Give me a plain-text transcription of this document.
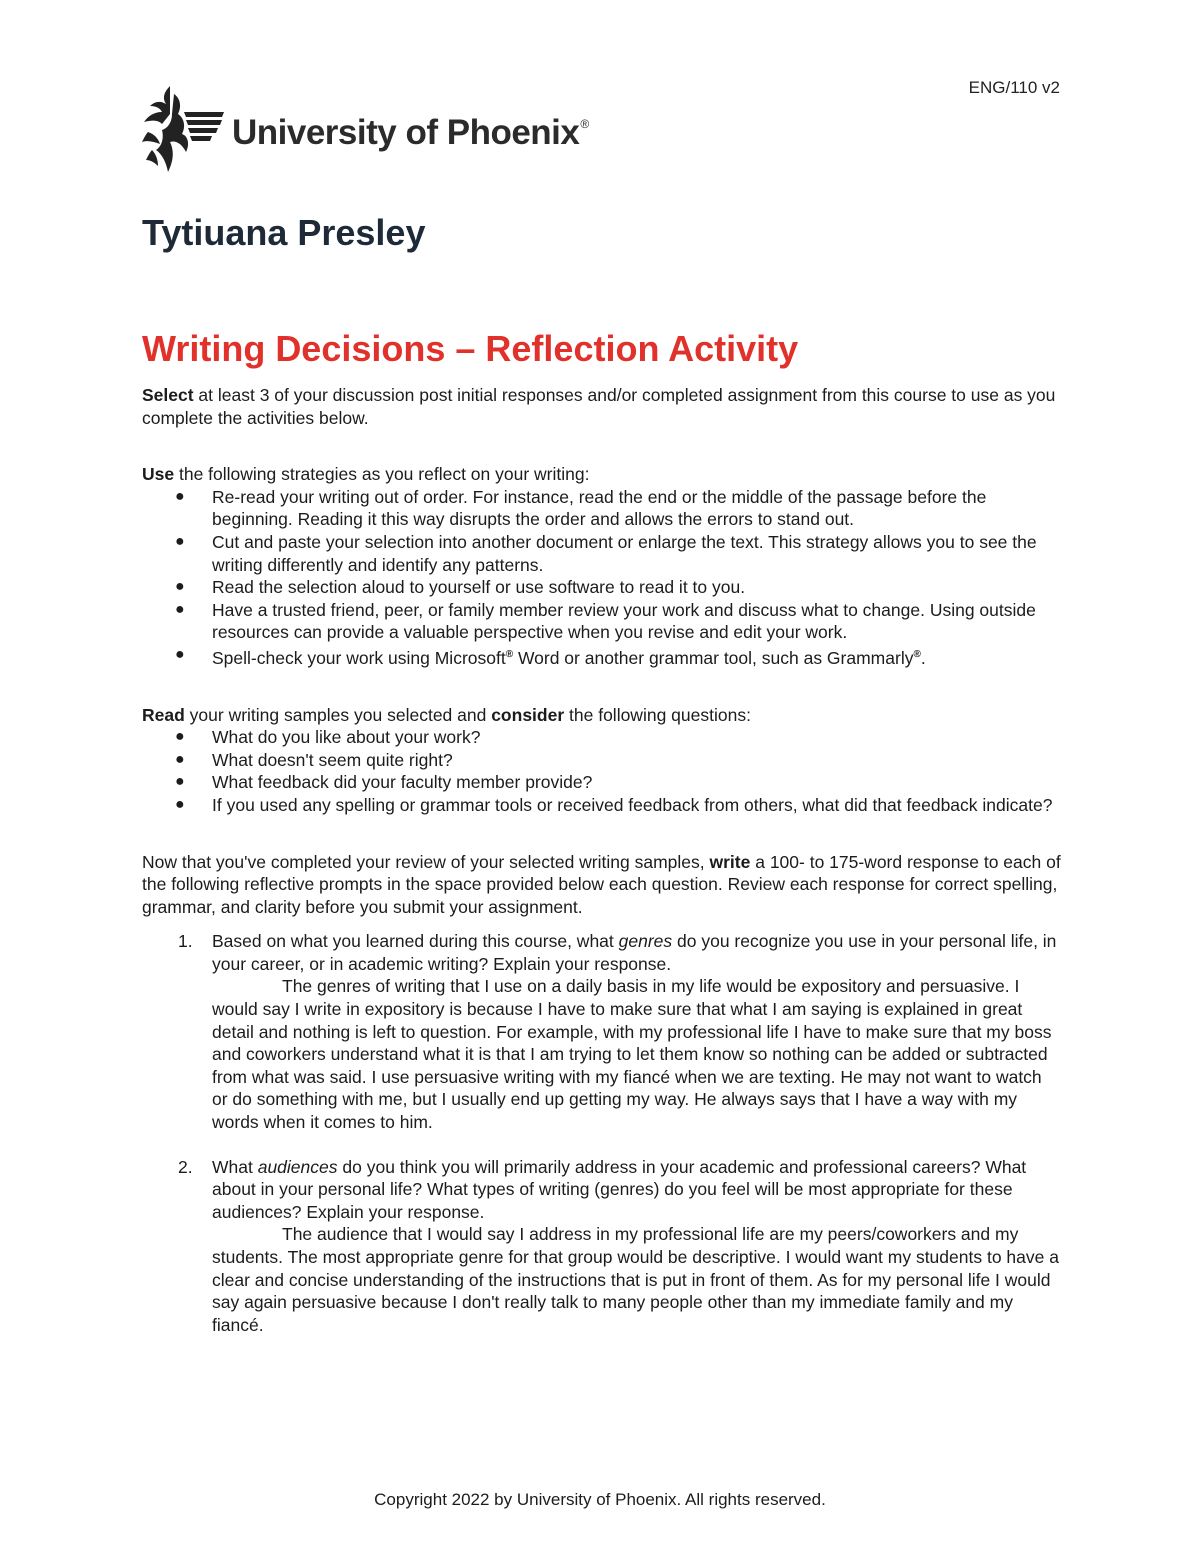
ENG/110 v2
University of Phoenix®
Tytiuana Presley
Writing Decisions – Reflection Activity

Select at least 3 of your discussion post initial responses and/or completed assignment from this course to use as you complete the activities below.

Use the following strategies as you reflect on your writing:

● Re-read your writing out of order. For instance, read the end or the middle of the passage before the beginning. Reading it this way disrupts the order and allows the errors to stand out.
● Cut and paste your selection into another document or enlarge the text. This strategy allows you to see the writing differently and identify any patterns.
● Read the selection aloud to yourself or use software to read it to you.
● Have a trusted friend, peer, or family member review your work and discuss what to change. Using outside resources can provide a valuable perspective when you revise and edit your work.
● Spell-check your work using Microsoft® Word or another grammar tool, such as Grammarly®.

Read your writing samples you selected and consider the following questions:

● What do you like about your work?
● What doesn't seem quite right?
● What feedback did your faculty member provide?
● If you used any spelling or grammar tools or received feedback from others, what did that feedback indicate?

Now that you've completed your review of your selected writing samples, write a 100- to 175-word response to each of the following reflective prompts in the space provided below each question. Review each response for correct spelling, grammar, and clarity before you submit your assignment.

1. Based on what you learned during this course, what genres do you recognize you use in your personal life, in your career, or in academic writing? Explain your response.
The genres of writing that I use on a daily basis in my life would be expository and persuasive. I would say I write in expository is because I have to make sure that what I am saying is explained in great detail and nothing is left to question. For example, with my professional life I have to make sure that my boss and coworkers understand what it is that I am trying to let them know so nothing can be added or subtracted from what was said. I use persuasive writing with my fiancé when we are texting. He may not want to watch or do something with me, but I usually end up getting my way. He always says that I have a way with my words when it comes to him.
2. What audiences do you think you will primarily address in your academic and professional careers? What about in your personal life? What types of writing (genres) do you feel will be most appropriate for these audiences? Explain your response.
The audience that I would say I address in my professional life are my peers/coworkers and my students. The most appropriate genre for that group would be descriptive. I would want my students to have a clear and concise understanding of the instructions that is put in front of them. As for my personal life I would say again persuasive because I don't really talk to many people other than my immediate family and my fiancé.
Copyright 2022 by University of Phoenix. All rights reserved.
